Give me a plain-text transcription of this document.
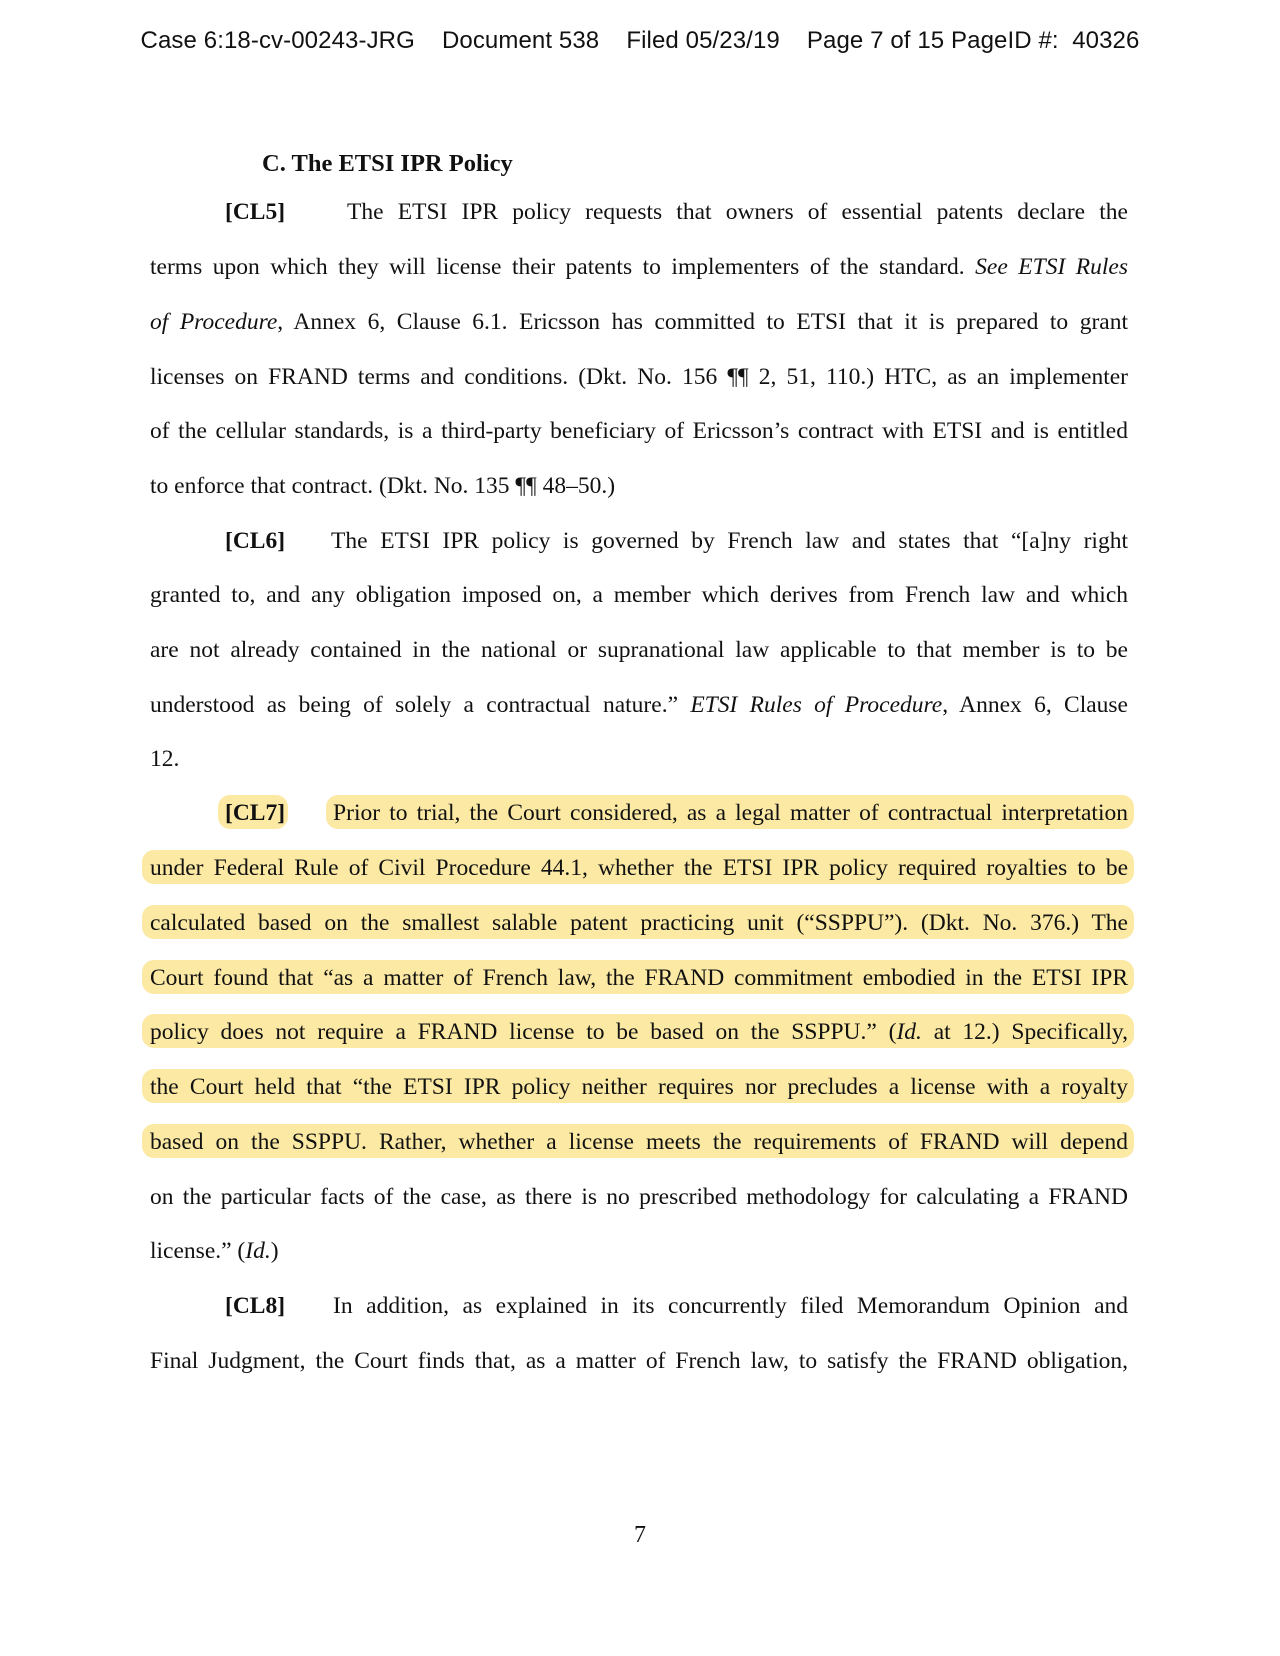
Case 6:18-cv-00243-JRG Document 538 Filed 05/23/19 Page 7 of 15 PageID #:  40326
C. The ETSI IPR Policy
[CL5]	The ETSI IPR policy requests that owners of essential patents declare the
terms upon which they will license their patents to implementers of the standard. See ETSI Rules
of Procedure, Annex 6, Clause 6.1. Ericsson has committed to ETSI that it is prepared to grant
licenses on FRAND terms and conditions. (Dkt. No. 156 ¶¶ 2, 51, 110.) HTC, as an implementer
of the cellular standards, is a third-party beneficiary of Ericsson’s contract with ETSI and is entitled
to enforce that contract. (Dkt. No. 135 ¶¶ 48–50.)
[CL6] The ETSI IPR policy is governed by French law and states that “[a]ny right
granted to, and any obligation imposed on, a member which derives from French law and which
are not already contained in the national or supranational law applicable to that member is to be
understood as being of solely a contractual nature.” ETSI Rules of Procedure, Annex 6, Clause
12.
[CL7] Prior to trial, the Court considered, as a legal matter of contractual interpretation
under Federal Rule of Civil Procedure 44.1, whether the ETSI IPR policy required royalties to be
calculated based on the smallest salable patent practicing unit (“SSPPU”). (Dkt. No. 376.) The
Court found that “as a matter of French law, the FRAND commitment embodied in the ETSI IPR
policy does not require a FRAND license to be based on the SSPPU.” (Id. at 12.) Specifically,
the Court held that “the ETSI IPR policy neither requires nor precludes a license with a royalty
based on the SSPPU. Rather, whether a license meets the requirements of FRAND will depend
on the particular facts of the case, as there is no prescribed methodology for calculating a FRAND
license.” (Id.)
[CL8] In addition, as explained in its concurrently filed Memorandum Opinion and
Final Judgment, the Court finds that, as a matter of French law, to satisfy the FRAND obligation,
7
